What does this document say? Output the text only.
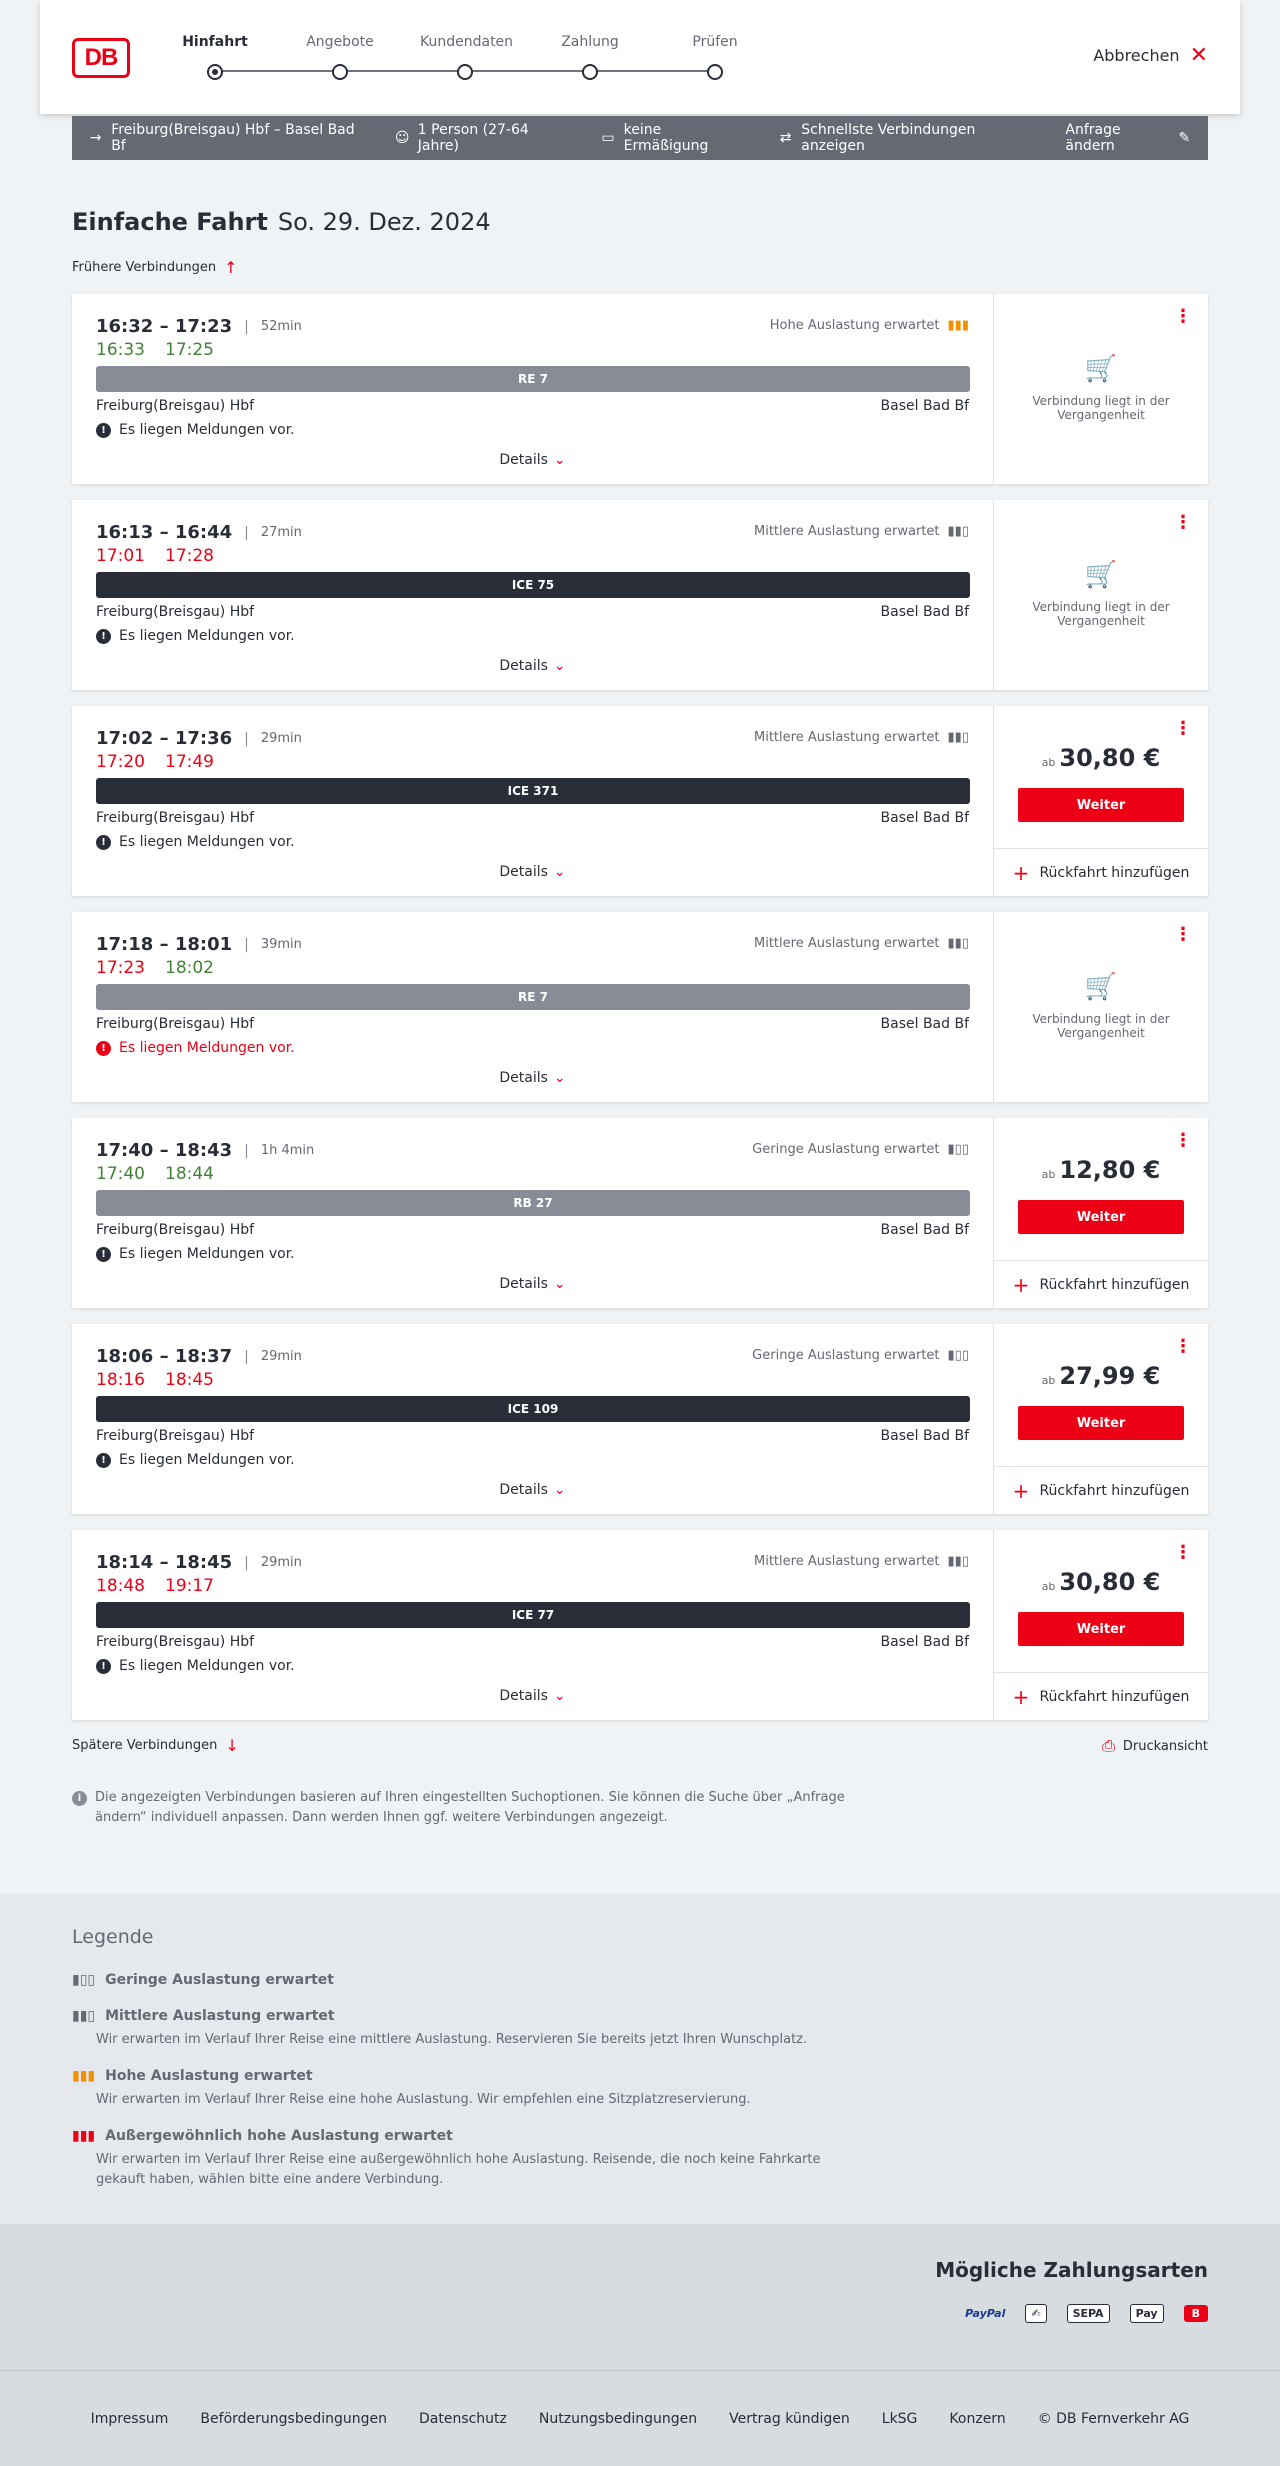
DB
Hinfahrt	Angebote	Kundendaten	Zahlung	Prüfen
Abbrechen ✕
→ Freiburg(Breisgau) Hbf – Basel Bad Bf	☺ 1 Person (27-64 Jahre)	▭ keine Ermäßigung	⇄ Schnellste Verbindungen anzeigen
Anfrage ändern	✎
Einfache Fahrt So. 29. Dez. 2024
Frühere Verbindungen ↑
16:32 – 17:23 | 52min
16:33 17:25
Hohe Auslastung erwartet ▮▮▮
RE 7
Freiburg(Breisgau) Hbf	Basel Bad Bf
! Es liegen Meldungen vor.
Details ⌄
⋮
🛒
Verbindung liegt in der Vergangenheit
16:13 – 16:44 | 27min
17:01 17:28
Mittlere Auslastung erwartet ▮▮▯
ICE 75
Freiburg(Breisgau) Hbf	Basel Bad Bf
! Es liegen Meldungen vor.
Details ⌄
⋮
🛒
Verbindung liegt in der Vergangenheit
17:02 – 17:36 | 29min
17:20 17:49
Mittlere Auslastung erwartet ▮▮▯
ICE 371
Freiburg(Breisgau) Hbf	Basel Bad Bf
! Es liegen Meldungen vor.
Details ⌄
⋮
ab 30,80 €
Weiter
+ Rückfahrt hinzufügen
17:18 – 18:01 | 39min
17:23 18:02
Mittlere Auslastung erwartet ▮▮▯
RE 7
Freiburg(Breisgau) Hbf	Basel Bad Bf
! Es liegen Meldungen vor.
Details ⌄
⋮
🛒
Verbindung liegt in der Vergangenheit
17:40 – 18:43 | 1h 4min
17:40 18:44
Geringe Auslastung erwartet ▮▯▯
RB 27
Freiburg(Breisgau) Hbf	Basel Bad Bf
! Es liegen Meldungen vor.
Details ⌄
⋮
ab 12,80 €
Weiter
+ Rückfahrt hinzufügen
18:06 – 18:37 | 29min
18:16 18:45
Geringe Auslastung erwartet ▮▯▯
ICE 109
Freiburg(Breisgau) Hbf	Basel Bad Bf
! Es liegen Meldungen vor.
Details ⌄
⋮
ab 27,99 €
Weiter
+ Rückfahrt hinzufügen
18:14 – 18:45 | 29min
18:48 19:17
Mittlere Auslastung erwartet ▮▮▯
ICE 77
Freiburg(Breisgau) Hbf	Basel Bad Bf
! Es liegen Meldungen vor.
Details ⌄
⋮
ab 30,80 €
Weiter
+ Rückfahrt hinzufügen
Spätere Verbindungen ↓	⎙ Druckansicht
i	Die angezeigten Verbindungen basieren auf Ihren eingestellten Suchoptionen. Sie können die Suche über „Anfrage ändern“ individuell anpassen. Dann werden Ihnen ggf. weitere Verbindungen angezeigt.
Legende
▮▯▯ Geringe Auslastung erwartet
▮▮▯ Mittlere Auslastung erwartet
Wir erwarten im Verlauf Ihrer Reise eine mittlere Auslastung. Reservieren Sie bereits jetzt Ihren Wunschplatz.
▮▮▮ Hohe Auslastung erwartet
Wir erwarten im Verlauf Ihrer Reise eine hohe Auslastung. Wir empfehlen eine Sitzplatzreservierung.
▮▮▮ Außergewöhnlich hohe Auslastung erwartet
Wir erwarten im Verlauf Ihrer Reise eine außergewöhnlich hohe Auslastung. Reisende, die noch keine Fahrkarte gekauft haben, wählen bitte eine andere Verbindung.
Mögliche Zahlungsarten
PayPal	✍	SEPA	Pay	B
Impressum Beförderungsbedingungen Datenschutz Nutzungsbedingungen Vertrag kündigen LkSG Konzern © DB Fernverkehr AG
